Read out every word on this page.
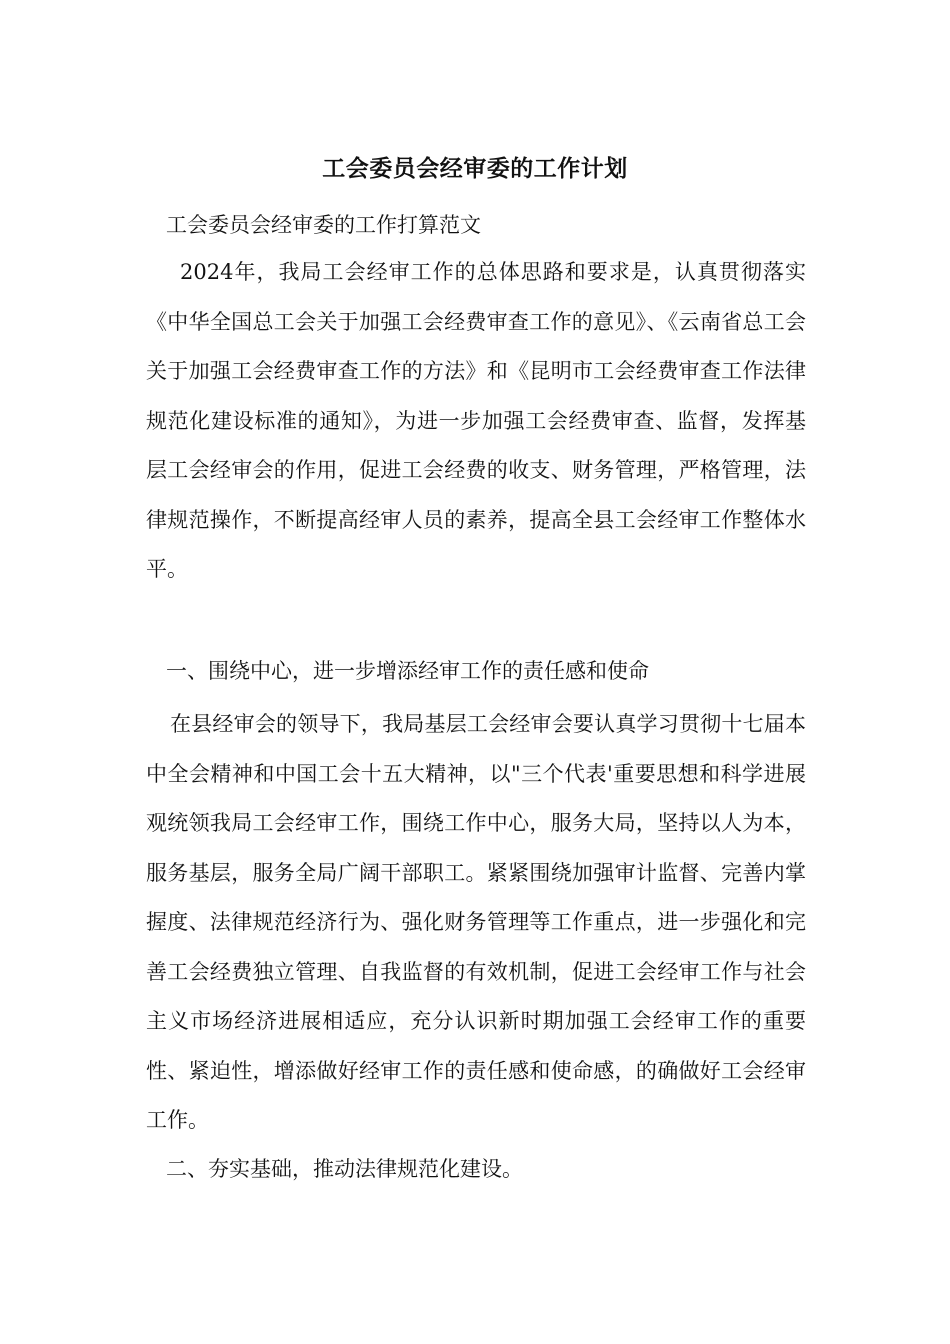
工会委员会经审委的工作计划
工会委员会经审委的工作打算范文
2024年，我局工会经审工作的总体思路和要求是，认真贯彻落实《中华全国总工会关于加强工会经费审查工作的意见》、《云南省总工会关于加强工会经费审查工作的方法》和《昆明市工会经费审查工作法律规范化建设标准的通知》，为进一步加强工会经费审查、监督，发挥基层工会经审会的作用，促进工会经费的收支、财务管理，严格管理，法律规范操作，不断提高经审人员的素养，提高全县工会经审工作整体水平。
一、围绕中心，进一步增添经审工作的责任感和使命
在县经审会的领导下，我局基层工会经审会要认真学习贯彻十七届本中全会精神和中国工会十五大精神，以"三个代表'重要思想和科学进展观统领我局工会经审工作，围绕工作中心，服务大局，坚持以人为本，服务基层，服务全局广阔干部职工。紧紧围绕加强审计监督、完善内掌握度、法律规范经济行为、强化财务管理等工作重点，进一步强化和完善工会经费独立管理、自我监督的有效机制，促进工会经审工作与社会主义市场经济进展相适应，充分认识新时期加强工会经审工作的重要性、紧迫性，增添做好经审工作的责任感和使命感，的确做好工会经审工作。
二、夯实基础，推动法律规范化建设。
